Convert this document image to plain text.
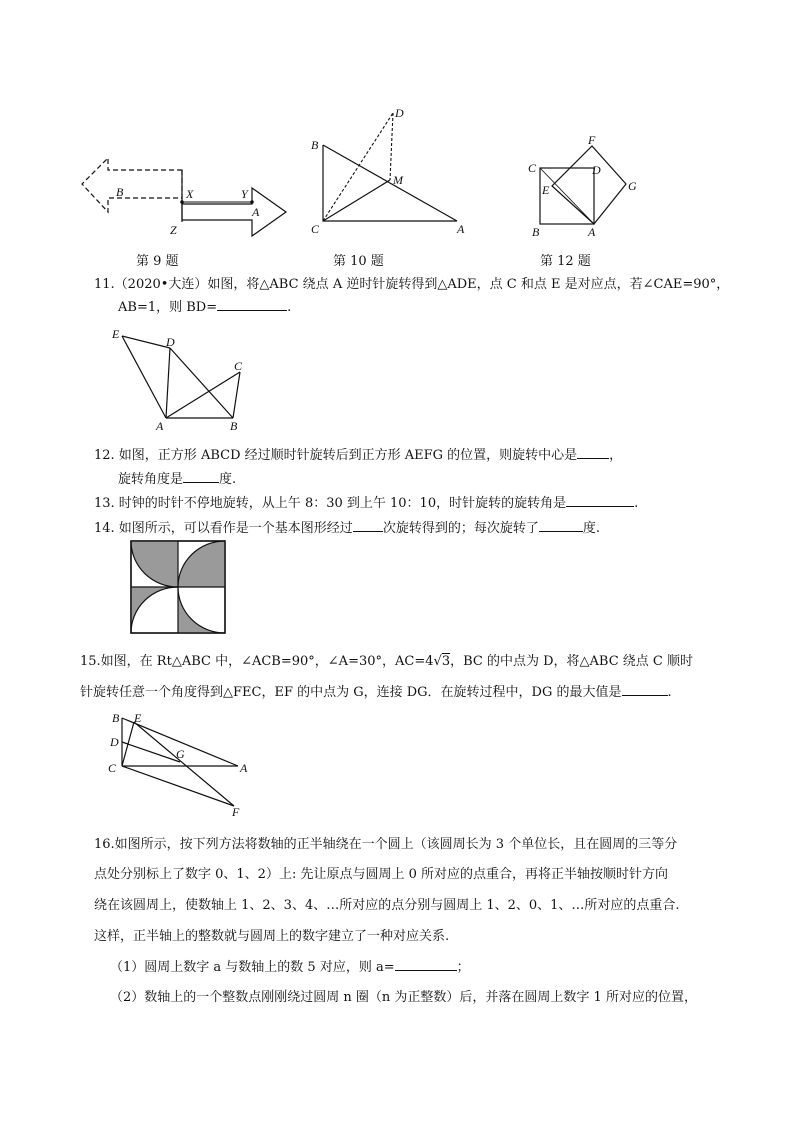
B	X	Y
A
Z
第 9 题
B
D
M
C	A
第 10 题
C
F
D
E	G
B	A
第 12 题
11.（2020•大连）如图，将△ABC 绕点 A 逆时针旋转得到△ADE，点 C 和点 E 是对应点，若∠CAE=90°，
AB=1，则 BD=	.
E
D
C
A	B
12. 如图，正方形 ABCD 经过顺时针旋转后到正方形 AEFG 的位置，则旋转中心是 ，
旋转角度是	度.
13. 时钟的时针不停地旋转，从上午 8：30 到上午 10：10，时针旋转的旋转角是	.
14. 如图所示，可以看作是一个基本图形经过 次旋转得到的；每次旋转了	度.
15.如图，在 Rt△ABC 中，∠ACB=90°，∠A=30°，AC=4√3，BC 的中点为 D，将△ABC 绕点 C 顺时
针旋转任意一个角度得到△FEC，EF 的中点为 G，连接 DG．在旋转过程中，DG 的最大值是	.
B E
D
G
C	A
F
16.如图所示，按下列方法将数轴的正半轴绕在一个圆上（该圆周长为 3 个单位长，且在圆周的三等分
点处分别标上了数字 0、1、2）上: 先让原点与圆周上 0 所对应的点重合，再将正半轴按顺时针方向
绕在该圆周上，使数轴上 1、2、3、4、…所对应的点分别与圆周上 1、2、0、1、…所对应的点重合.
这样，正半轴上的整数就与圆周上的数字建立了一种对应关系.
（1）圆周上数字 a 与数轴上的数 5 对应，则 a=	；
（2）数轴上的一个整数点刚刚绕过圆周 n 圈（n 为正整数）后，并落在圆周上数字 1 所对应的位置，
